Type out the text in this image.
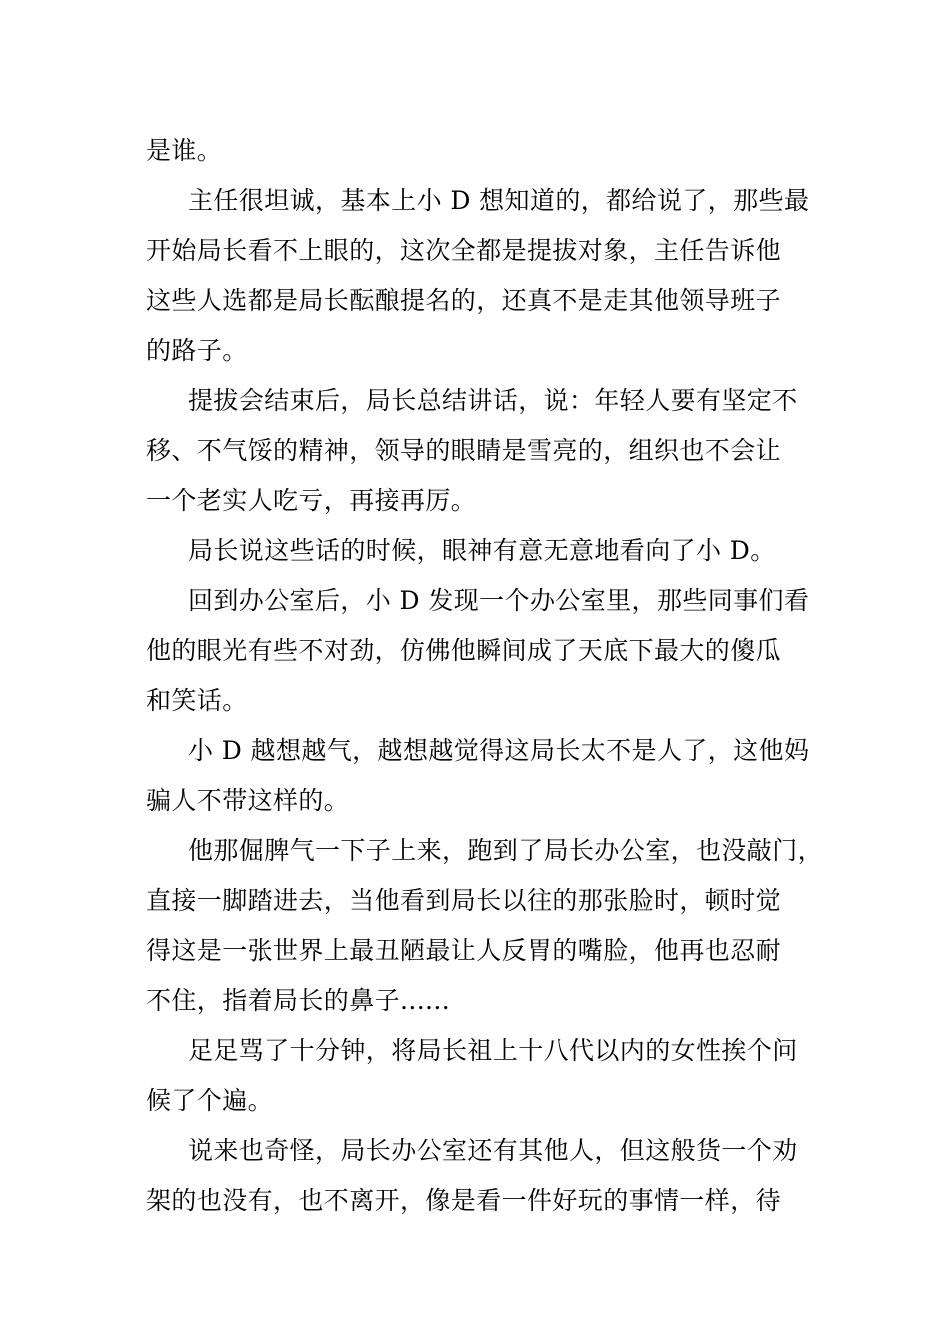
是谁。
主任很坦诚，基本上小 D 想知道的，都给说了，那些最
开始局长看不上眼的，这次全都是提拔对象，主任告诉他
这些人选都是局长酝酿提名的，还真不是走其他领导班子
的路子。
提拔会结束后，局长总结讲话，说：年轻人要有坚定不
移、不气馁的精神，领导的眼睛是雪亮的，组织也不会让
一个老实人吃亏，再接再厉。
局长说这些话的时候，眼神有意无意地看向了小 D。
回到办公室后，小 D 发现一个办公室里，那些同事们看
他的眼光有些不对劲，仿佛他瞬间成了天底下最大的傻瓜
和笑话。
小 D 越想越气，越想越觉得这局长太不是人了，这他妈
骗人不带这样的。
他那倔脾气一下子上来，跑到了局长办公室，也没敲门，
直接一脚踏进去，当他看到局长以往的那张脸时，顿时觉
得这是一张世界上最丑陋最让人反胃的嘴脸，他再也忍耐
不住，指着局长的鼻子......
足足骂了十分钟，将局长祖上十八代以内的女性挨个问
候了个遍。
说来也奇怪，局长办公室还有其他人，但这般货一个劝
架的也没有，也不离开，像是看一件好玩的事情一样，待
